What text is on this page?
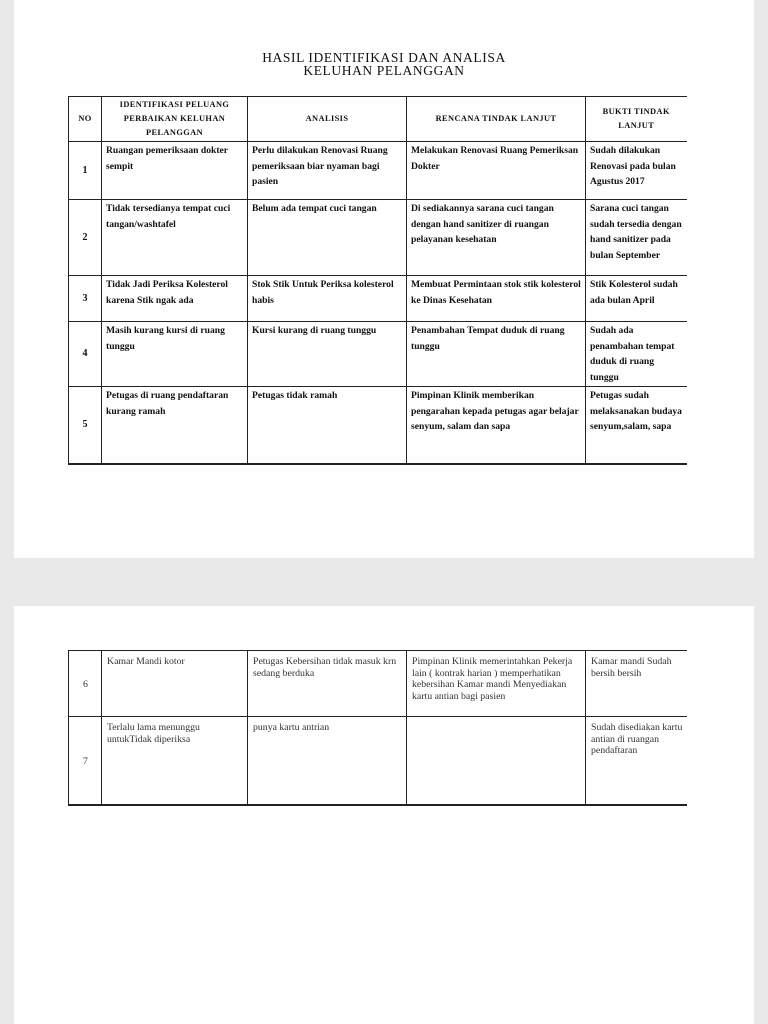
HASIL IDENTIFIKASI DAN ANALISA
KELUHAN PELANGGAN
NO	IDENTIFIKASI PELUANG PERBAIKAN KELUHAN PELANGGAN	ANALISIS	RENCANA TINDAK LANJUT	BUKTI TINDAK LANJUT
1	Ruangan pemeriksaan dokter sempit	Perlu dilakukan Renovasi Ruang pemeriksaan biar nyaman bagi pasien	Melakukan Renovasi Ruang Pemeriksan Dokter	Sudah dilakukan Renovasi pada bulan Agustus 2017
2	Tidak tersedianya tempat cuci tangan/washtafel	Belum ada tempat cuci tangan	Di sediakannya sarana cuci tangan dengan hand sanitizer di ruangan pelayanan kesehatan	Sarana cuci tangan sudah tersedia dengan hand sanitizer pada bulan September
3	Tidak Jadi Periksa Kolesterol karena Stik ngak ada	Stok Stik Untuk Periksa kolesterol habis	Membuat Permintaan stok stik kolesterol ke Dinas Kesehatan	Stik Kolesterol sudah ada bulan April
4	Masih kurang kursi di ruang tunggu	Kursi kurang di ruang tunggu	Penambahan Tempat duduk di ruang tunggu	Sudah ada penambahan tempat duduk di ruang tunggu
5	Petugas di ruang pendaftaran kurang ramah	Petugas tidak ramah	Pimpinan Klinik memberikan pengarahan kepada petugas agar belajar senyum, salam dan sapa	Petugas sudah melaksanakan budaya senyum,salam, sapa
6	Kamar Mandi kotor	Petugas Kebersihan tidak masuk krn sedang berduka	Pimpinan Klinik memerintahkan Pekerja lain ( kontrak harian ) memperhatikan kebersihan Kamar mandi Menyediakan kartu antian bagi pasien	Kamar mandi Sudah bersih bersih
7	Terlalu lama menunggu untukTidak diperiksa	punya kartu antrian		Sudah disediakan kartu antian di ruangan pendaftaran
